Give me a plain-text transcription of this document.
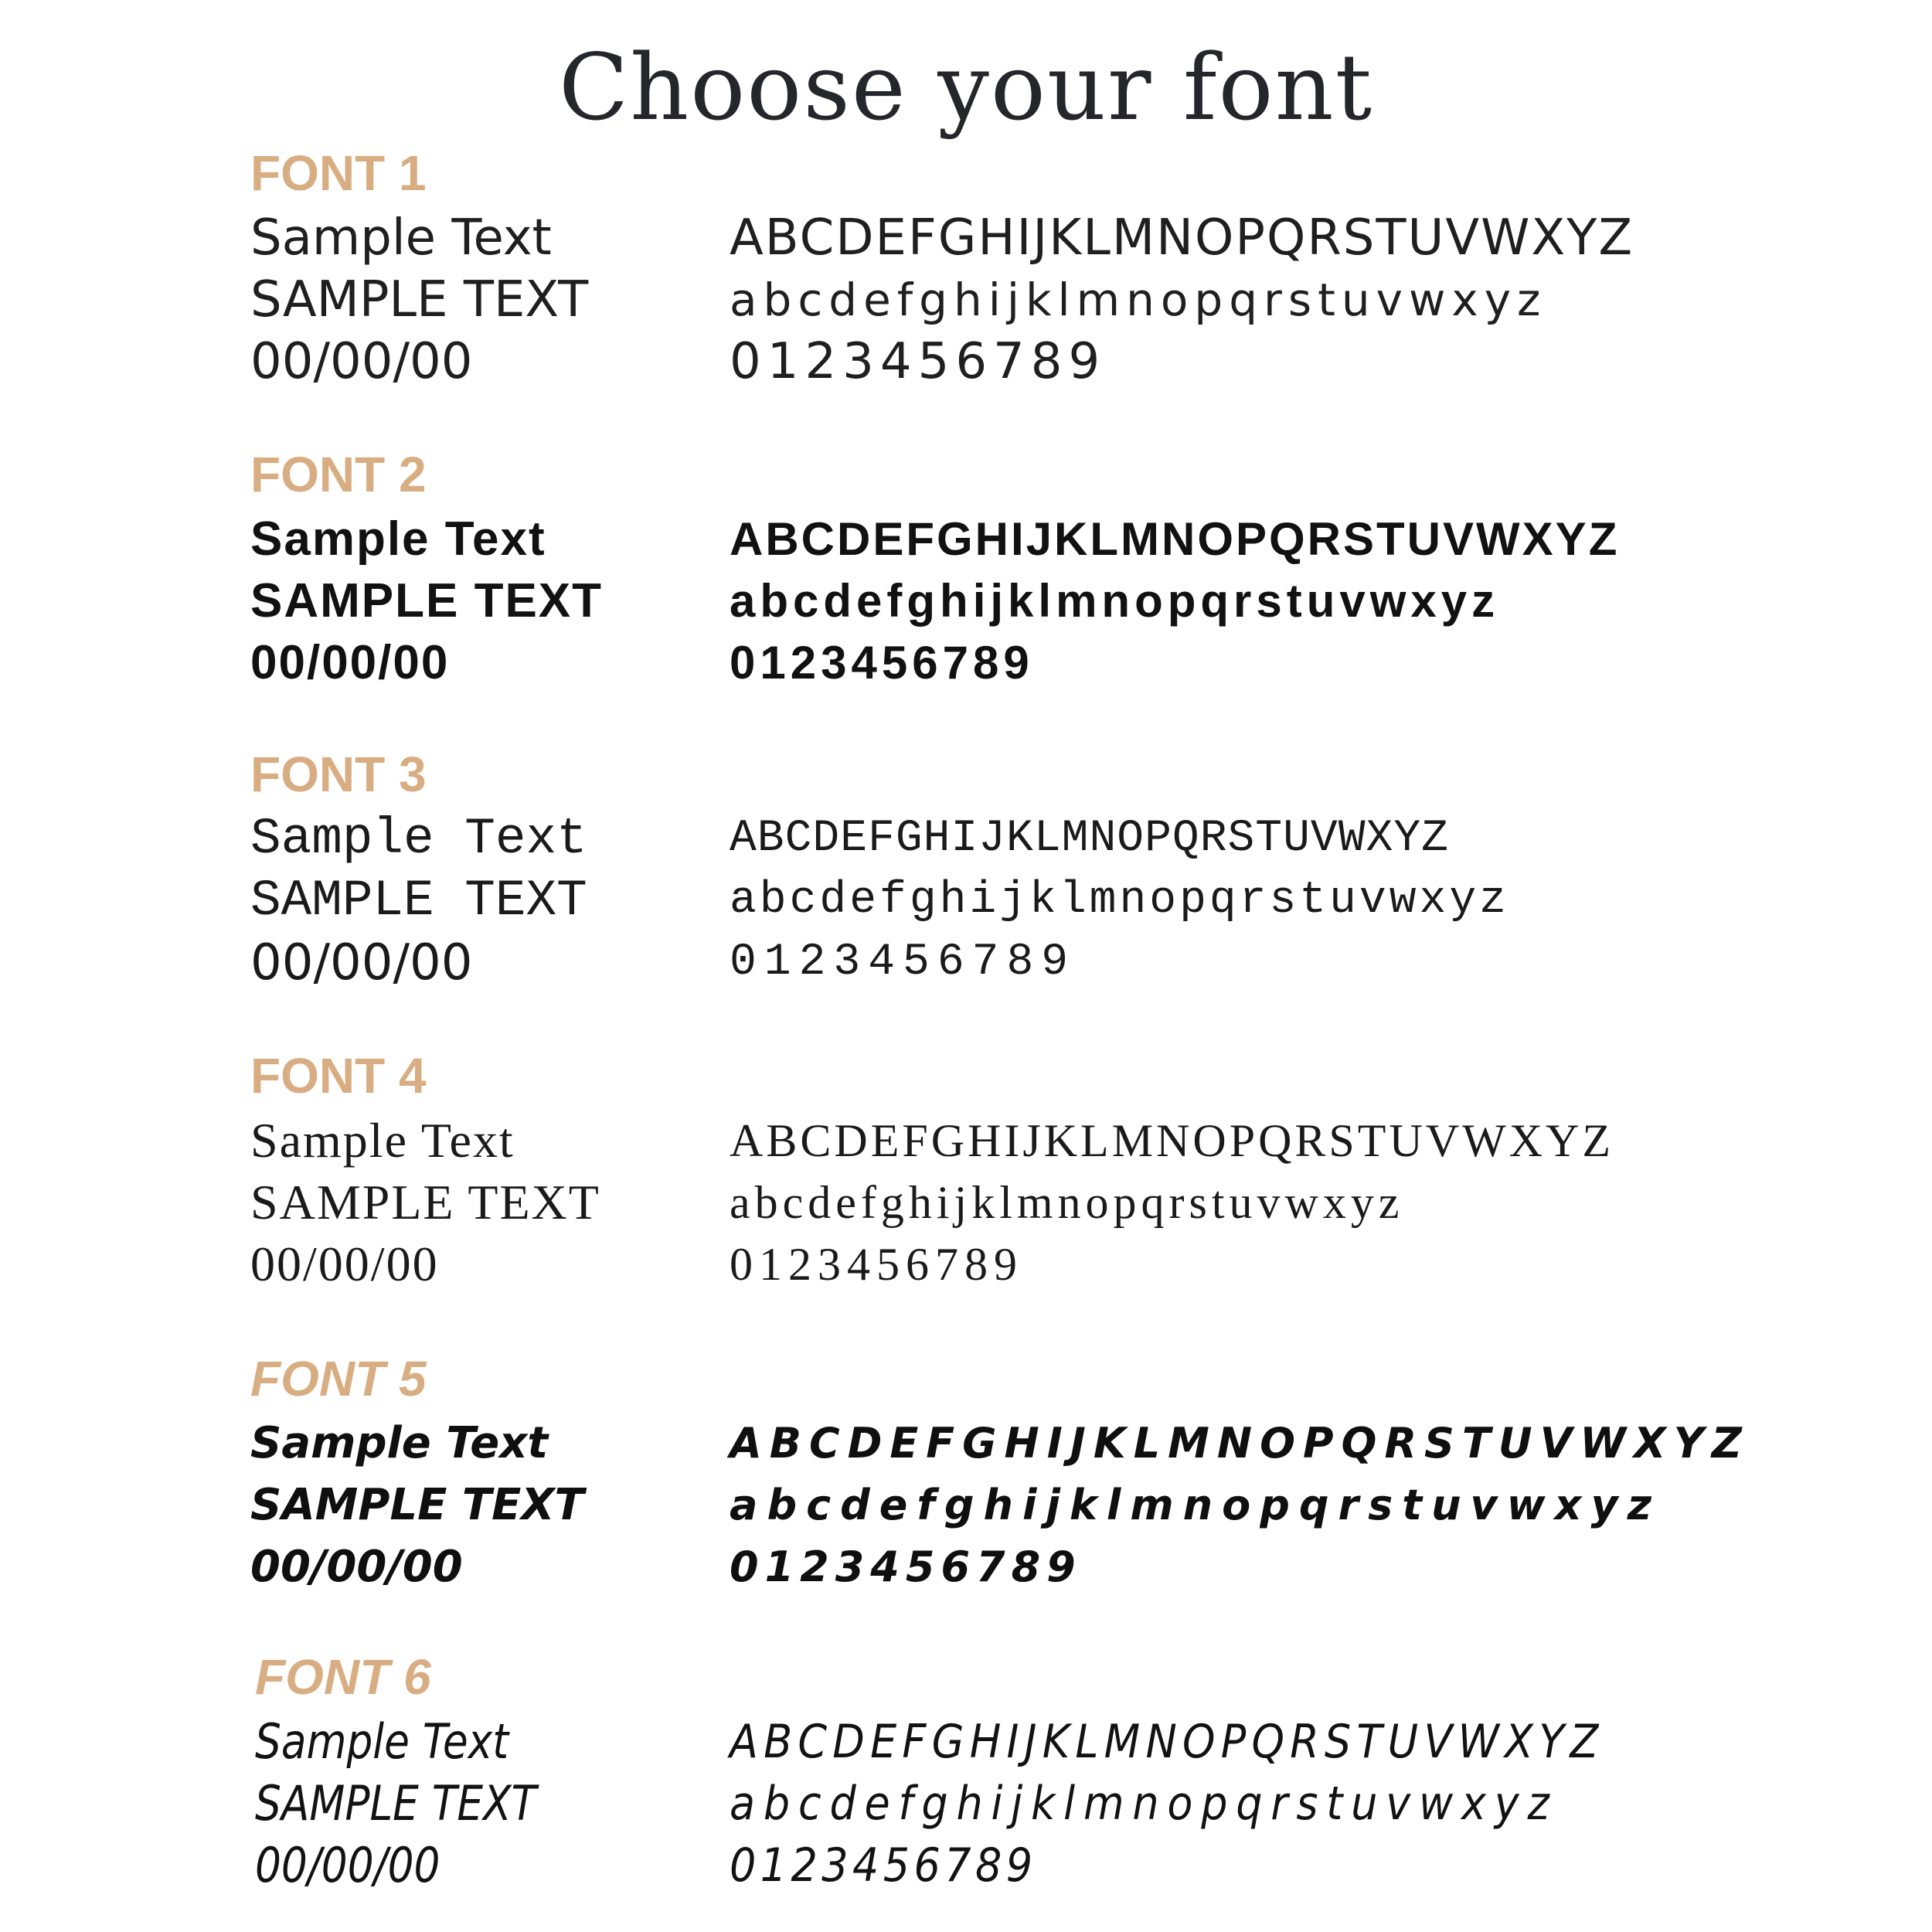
Choose your font
FONT 1
Sample Text
SAMPLE TEXT
00/00/00
ABCDEFGHIJKLMNOPQRSTUVWXYZ
abcdefghijklmnopqrstuvwxyz
0123456789
FONT 2
Sample Text
SAMPLE TEXT
00/00/00
ABCDEFGHIJKLMNOPQRSTUVWXYZ
abcdefghijklmnopqrstuvwxyz
0123456789
FONT 3
Sample Text
SAMPLE TEXT
00/00/00
ABCDEFGHIJKLMNOPQRSTUVWXYZ
abcdefghijklmnopqrstuvwxyz
0123456789
FONT 4
Sample Text
SAMPLE TEXT
00/00/00
ABCDEFGHIJKLMNOPQRSTUVWXYZ
abcdefghijklmnopqrstuvwxyz
0123456789
FONT 5
Sample Text
SAMPLE TEXT
00/00/00
ABCDEFGHIJKLMNOPQRSTUVWXYZ
abcdefghijklmnopqrstuvwxyz
0123456789
FONT 6
Sample Text
SAMPLE TEXT
00/00/00
ABCDEFGHIJKLMNOPQRSTUVWXYZ
abcdefghijklmnopqrstuvwxyz
0123456789
